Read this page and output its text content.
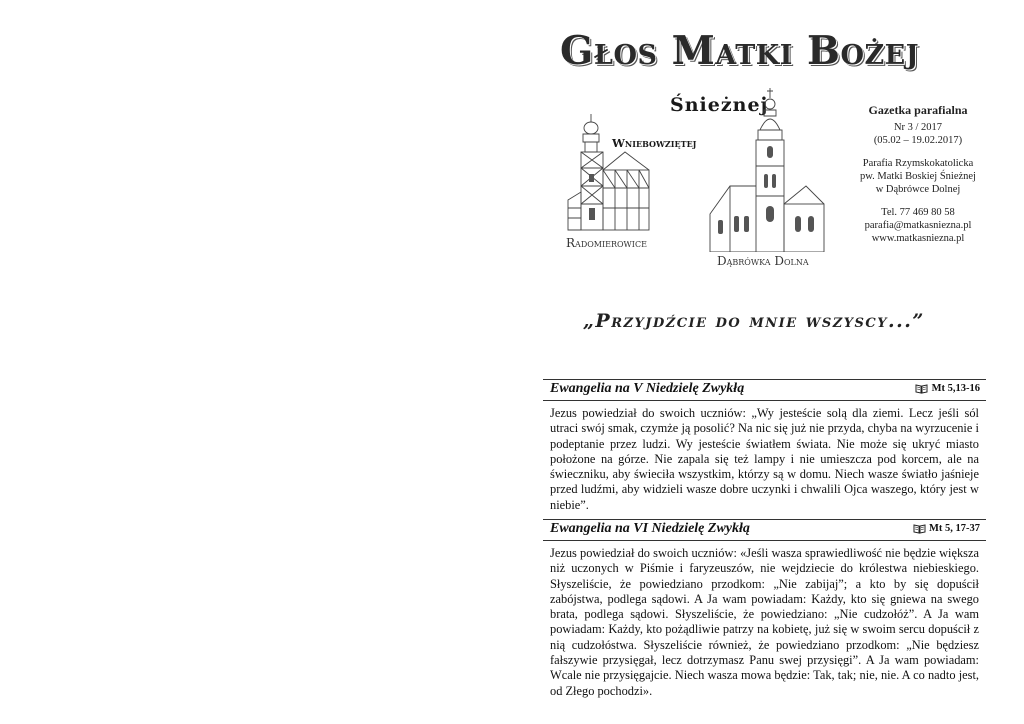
Głos Matki Bożej
Śnieżnej
Wniebowziętej
Radomierowice
Dąbrówka Dolna
Gazetka parafialna
Nr 3 / 2017
(05.02 – 19.02.2017)
Parafia Rzymskokatolicka
pw. Matki Boskiej Śnieżnej
w Dąbrówce Dolnej
Tel. 77 469 80 58
parafia@matkasniezna.pl
www.matkasniezna.pl
„Przyjdźcie do mnie wszyscy...”
Ewangelia na V Niedzielę Zwykłą	Mt 5,13-16
Jezus powiedział do swoich uczniów: „Wy jesteście solą dla ziemi. Lecz jeśli sól utraci swój smak, czymże ją posolić? Na nic się już nie przyda, chyba na wyrzucenie i podeptanie przez ludzi. Wy jesteście światłem świata. Nie może się ukryć miasto położone na górze. Nie zapala się też lampy i nie umieszcza pod korcem, ale na świeczniku, aby świeciła wszystkim, którzy są w domu. Niech wasze światło jaśnieje przed ludźmi, aby widzieli wasze dobre uczynki i chwalili Ojca waszego, który jest w niebie”.
Ewangelia na VI Niedzielę Zwykłą	Mt 5, 17-37
Jezus powiedział do swoich uczniów: «Jeśli wasza sprawiedliwość nie będzie większa niż uczonych w Piśmie i faryzeuszów, nie wejdziecie do królestwa niebieskiego. Słyszeliście, że powiedziano przodkom: „Nie zabijaj”; a kto by się dopuścił zabójstwa, podlega sądowi. A Ja wam powiadam: Każdy, kto się gniewa na swego brata, podlega sądowi. Słyszeliście, że powiedziano: „Nie cudzołóż”. A Ja wam powiadam: Każdy, kto pożądliwie patrzy na kobietę, już się w swoim sercu dopuścił z nią cudzołóstwa. Słyszeliście również, że powiedziano przodkom: „Nie będziesz fałszywie przysięgał, lecz dotrzymasz Panu swej przysięgi”. A Ja wam powiadam: Wcale nie przysięgajcie. Niech wasza mowa będzie: Tak, tak; nie, nie. A co nadto jest, od Złego pochodzi».
